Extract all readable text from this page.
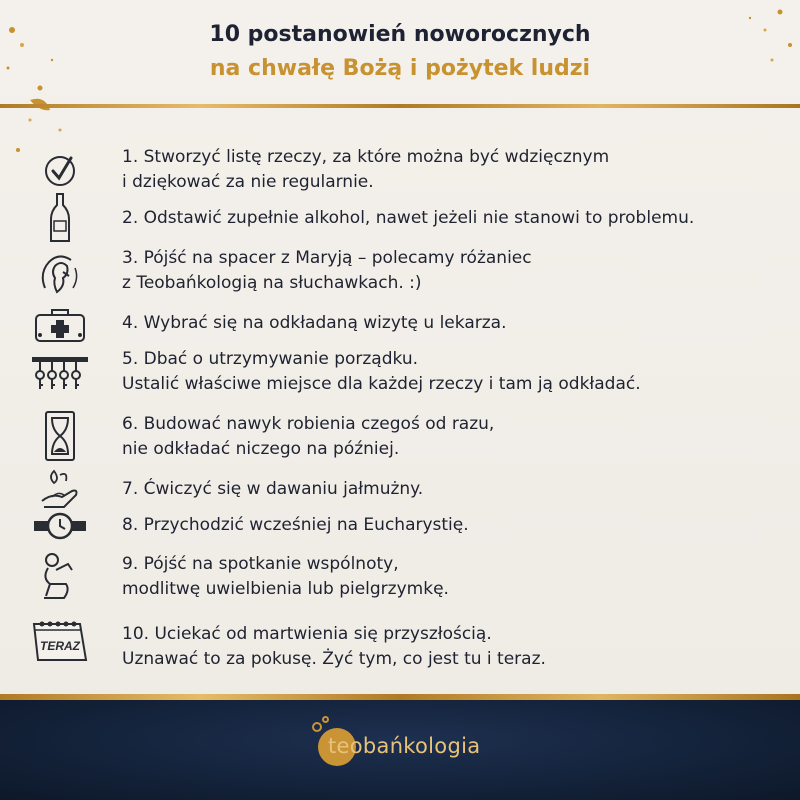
10 postanowień noworocznych
na chwałę Bożą i pożytek ludzi
1. Stworzyć listę rzeczy, za które można być wdzięcznym
i dziękować za nie regularnie.
2. Odstawić zupełnie alkohol, nawet jeżeli nie stanowi to problemu.
3. Pójść na spacer z Maryją – polecamy różaniec
z Teobańkologią na słuchawkach. :)
4. Wybrać się na odkładaną wizytę u lekarza.
5. Dbać o utrzymywanie porządku.
Ustalić właściwe miejsce dla każdej rzeczy i tam ją odkładać.
6. Budować nawyk robienia czegoś od razu,
nie odkładać niczego na później.
7. Ćwiczyć się w dawaniu jałmużny.
8. Przychodzić wcześniej na Eucharystię.
9. Pójść na spotkanie wspólnoty,
modlitwę uwielbienia lub pielgrzymkę.
TERAZ
10. Uciekać od martwienia się przyszłością.
Uznawać to za pokusę. Żyć tym, co jest tu i teraz.
teobańkologia
